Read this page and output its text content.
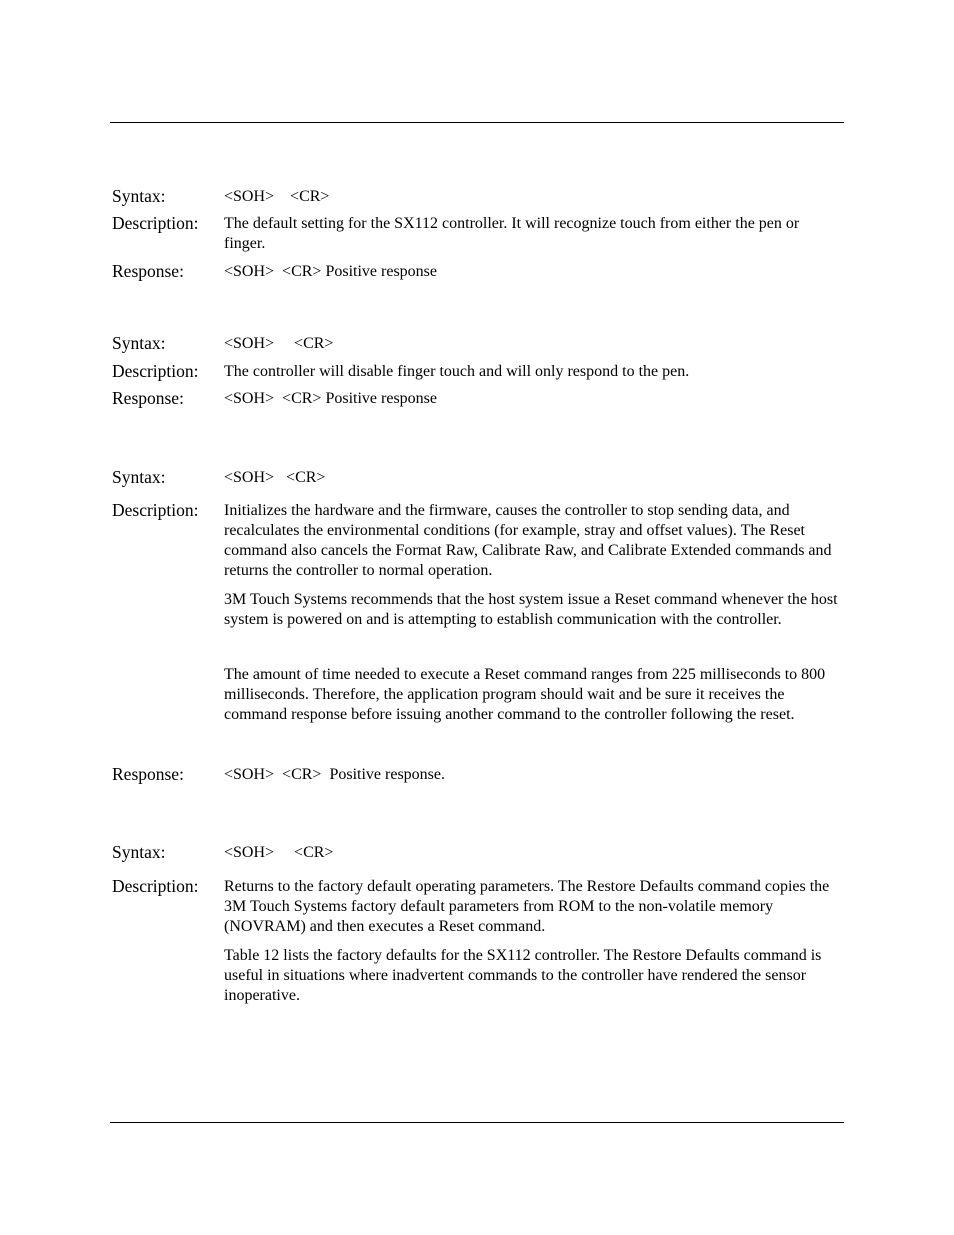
Syntax:	<SOH>    <CR>
Description: The default setting for the SX112 controller. It will recognize touch from either the pen or finger.

Response:	<SOH>  <CR> Positive response
Syntax:	<SOH>     <CR>
Description: The controller will disable finger touch and will only respond to the pen.

Response:	<SOH>  <CR> Positive response
Syntax:	<SOH>   <CR>
Description: Initializes the hardware and the firmware, causes the controller to stop sending data, and recalculates the environmental conditions (for example, stray and offset values). The Reset command also cancels the Format Raw, Calibrate Raw, and Calibrate Extended commands and returns the controller to normal operation.

3M Touch Systems recommends that the host system issue a Reset command whenever the host system is powered on and is attempting to establish communication with the controller.

The amount of time needed to execute a Reset command ranges from 225 milliseconds to 800 milliseconds. Therefore, the application program should wait and be sure it receives the command response before issuing another command to the controller following the reset.

Response:	<SOH>  <CR>  Positive response.
Syntax:	<SOH>     <CR>
Description: Returns to the factory default operating parameters. The Restore Defaults command copies the 3M Touch Systems factory default parameters from ROM to the non-volatile memory (NOVRAM) and then executes a Reset command.

Table 12 lists the factory defaults for the SX112 controller. The Restore Defaults command is useful in situations where inadvertent commands to the controller have rendered the sensor inoperative.
